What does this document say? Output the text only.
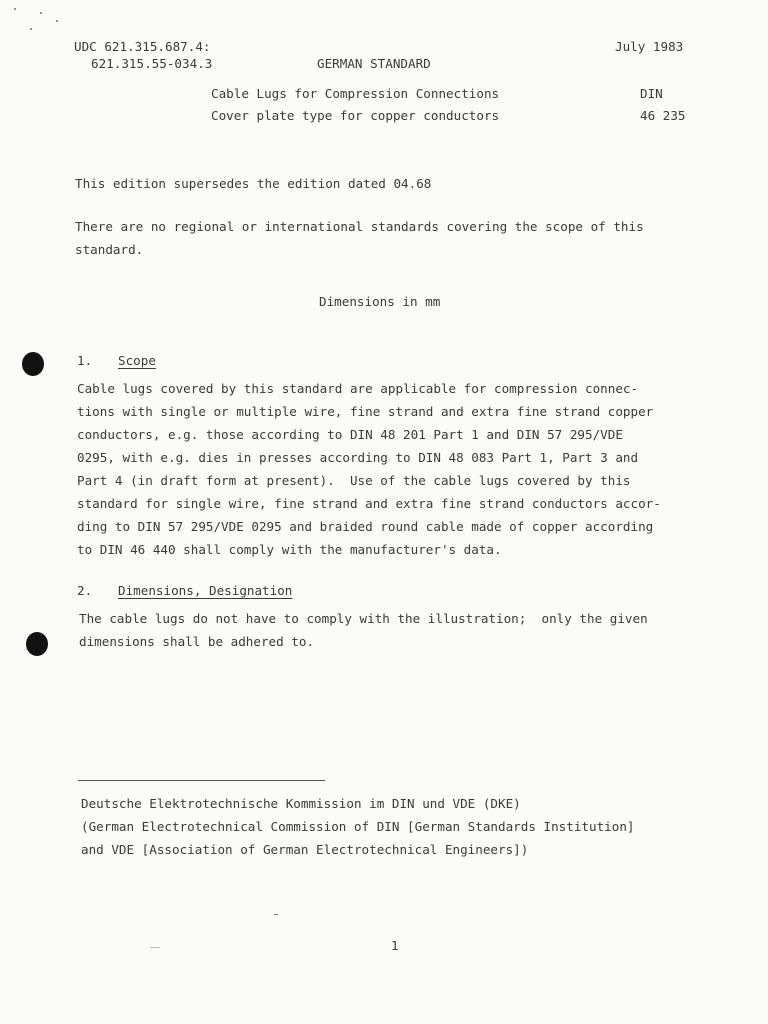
UDC 621.315.687.4:
621.315.55-034.3	GERMAN STANDARD
July 1983
Cable Lugs for Compression Connections
Cover plate type for copper conductors
DIN
46 235
This edition supersedes the edition dated 04.68
There are no regional or international standards covering the scope of this
standard.
Dimensions in mm
1. Scope
Cable lugs covered by this standard are applicable for compression connec-
tions with single or multiple wire, fine strand and extra fine strand copper
conductors, e.g. those according to DIN 48 201 Part 1 and DIN 57 295/VDE
0295, with e.g. dies in presses according to DIN 48 083 Part 1, Part 3 and
Part 4 (in draft form at present).  Use of the cable lugs covered by this
standard for single wire, fine strand and extra fine strand conductors accor-
ding to DIN 57 295/VDE 0295 and braided round cable made of copper according
to DIN 46 440 shall comply with the manufacturer's data.
2. Dimensions, Designation
The cable lugs do not have to comply with the illustration;  only the given
dimensions shall be adhered to.
Deutsche Elektrotechnische Kommission im DIN und VDE (DKE)
(German Electrotechnical Commission of DIN [German Standards Institution]
and VDE [Association of German Electrotechnical Engineers])
1
